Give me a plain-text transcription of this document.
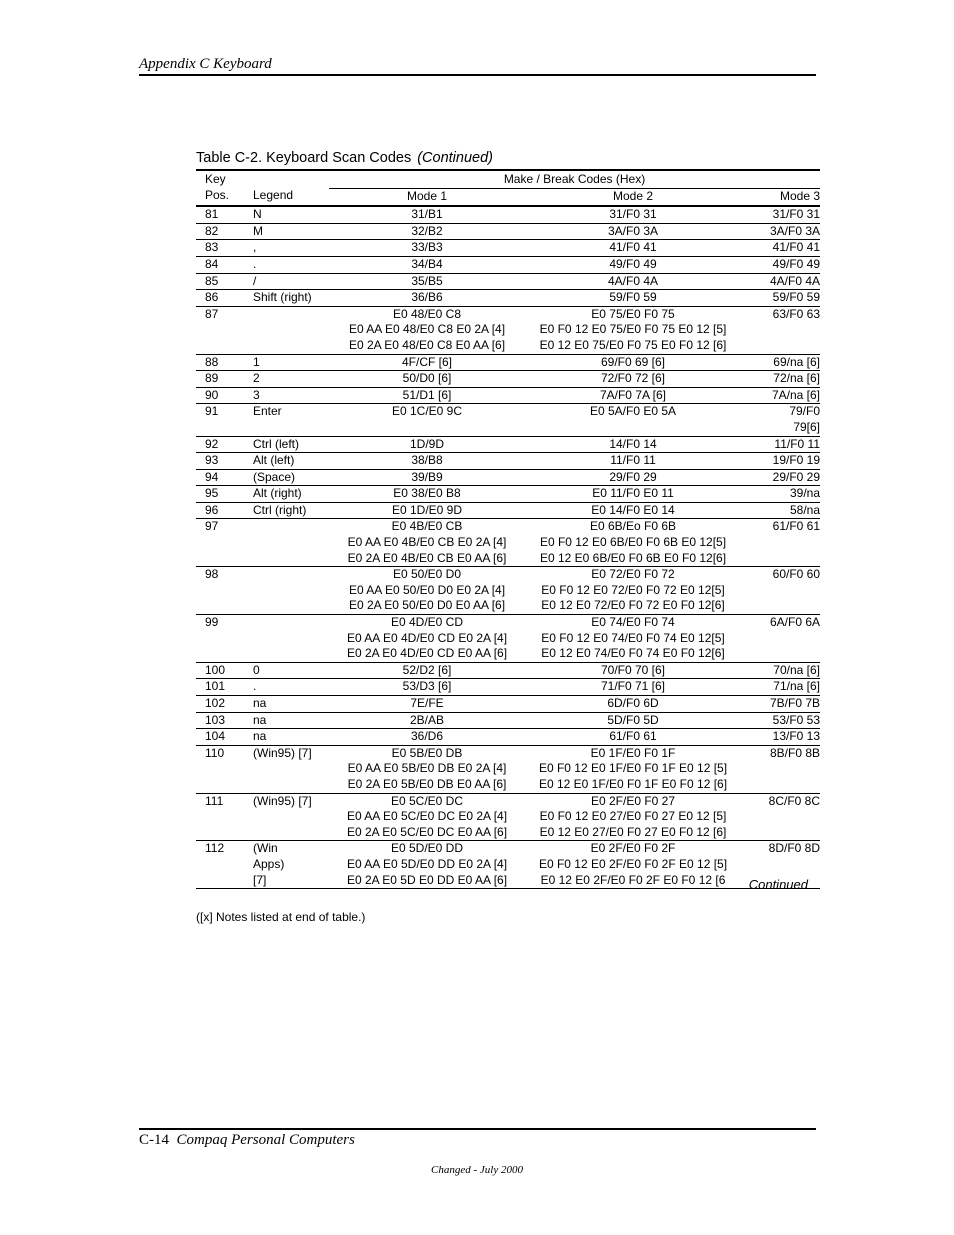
Appendix C Keyboard
Table C-2. Keyboard Scan Codes (Continued)
Key		Make / Break Codes (Hex)		
Pos.	Legend	Mode 1	Mode 2	Mode 3
81	N	31/B1	31/F0 31	31/F0 31

82	M	32/B2	3A/F0 3A	3A/F0 3A

83	,	33/B3	41/F0 41	41/F0 41

84	.	34/B4	49/F0 49	49/F0 49

85	/	35/B5	4A/F0 4A	4A/F0 4A

86	Shift (right)	36/B6	59/F0 59	59/F0 59

87		E0 48/E0 C8
E0 AA E0 48/E0 C8 E0 2A [4]
E0 2A E0 48/E0 C8 E0 AA [6]	E0 75/E0 F0 75
E0 F0 12 E0 75/E0 F0 75 E0 12 [5]
E0 12 E0 75/E0 F0 75 E0 F0 12 [6]	63/F0 63

88	1	4F/CF [6]	69/F0 69 [6]	69/na [6]

89	2	50/D0 [6]	72/F0 72 [6]	72/na [6]

90	3	51/D1 [6]	7A/F0 7A [6]	7A/na [6]

91	Enter	E0 1C/E0 9C	E0 5A/F0 E0 5A	79/F0
79[6]

92	Ctrl (left)	1D/9D	14/F0 14	11/F0 11

93	Alt (left)	38/B8	11/F0 11	19/F0 19

94	(Space)	39/B9	29/F0 29	29/F0 29

95	Alt (right)	E0 38/E0 B8	E0 11/F0 E0 11	39/na

96	Ctrl (right)	E0 1D/E0 9D	E0 14/F0 E0 14	58/na

97		E0 4B/E0 CB
E0 AA E0 4B/E0 CB E0 2A [4]
E0 2A E0 4B/E0 CB E0 AA [6]	E0 6B/Eo F0 6B
E0 F0 12 E0 6B/E0 F0 6B E0 12[5]
E0 12 E0 6B/E0 F0 6B E0 F0 12[6]	61/F0 61

98		E0 50/E0 D0
E0 AA E0 50/E0 D0 E0 2A [4]
E0 2A E0 50/E0 D0 E0 AA [6]	E0 72/E0 F0 72
E0 F0 12 E0 72/E0 F0 72 E0 12[5]
E0 12 E0 72/E0 F0 72 E0 F0 12[6]	60/F0 60

99		E0 4D/E0 CD
E0 AA E0 4D/E0 CD E0 2A [4]
E0 2A E0 4D/E0 CD E0 AA [6]	E0 74/E0 F0 74
E0 F0 12 E0 74/E0 F0 74 E0 12[5]
E0 12 E0 74/E0 F0 74 E0 F0 12[6]	6A/F0 6A

100	0	52/D2 [6]	70/F0 70 [6]	70/na [6]

101	.	53/D3 [6]	71/F0 71 [6]	71/na [6]

102	na	7E/FE	6D/F0 6D	7B/F0 7B

103	na	2B/AB	5D/F0 5D	53/F0 53

104	na	36/D6	61/F0 61	13/F0 13

110	(Win95) [7]	E0 5B/E0 DB
E0 AA E0 5B/E0 DB E0 2A [4]
E0 2A E0 5B/E0 DB E0 AA [6]	E0 1F/E0 F0 1F
E0 F0 12 E0 1F/E0 F0 1F E0 12 [5]
E0 12 E0 1F/E0 F0 1F E0 F0 12 [6]	8B/F0 8B

111	(Win95) [7]	E0 5C/E0 DC
E0 AA E0 5C/E0 DC E0 2A [4]
E0 2A E0 5C/E0 DC E0 AA [6]	E0 2F/E0 F0 27
E0 F0 12 E0 27/E0 F0 27 E0 12 [5]
E0 12 E0 27/E0 F0 27 E0 F0 12 [6]	8C/F0 8C

112	(Win
Apps)
[7]	E0 5D/E0 DD
E0 AA E0 5D/E0 DD E0 2A [4]
E0 2A E0 5D E0 DD E0 AA [6]	E0 2F/E0 F0 2F
E0 F0 12 E0 2F/E0 F0 2F E0 12 [5]
E0 12 E0 2F/E0 F0 2F E0 F0 12 [6	8D/F0 8D
Continued
([x] Notes listed at end of table.)
C-14 Compaq Personal Computers
Changed - July 2000
